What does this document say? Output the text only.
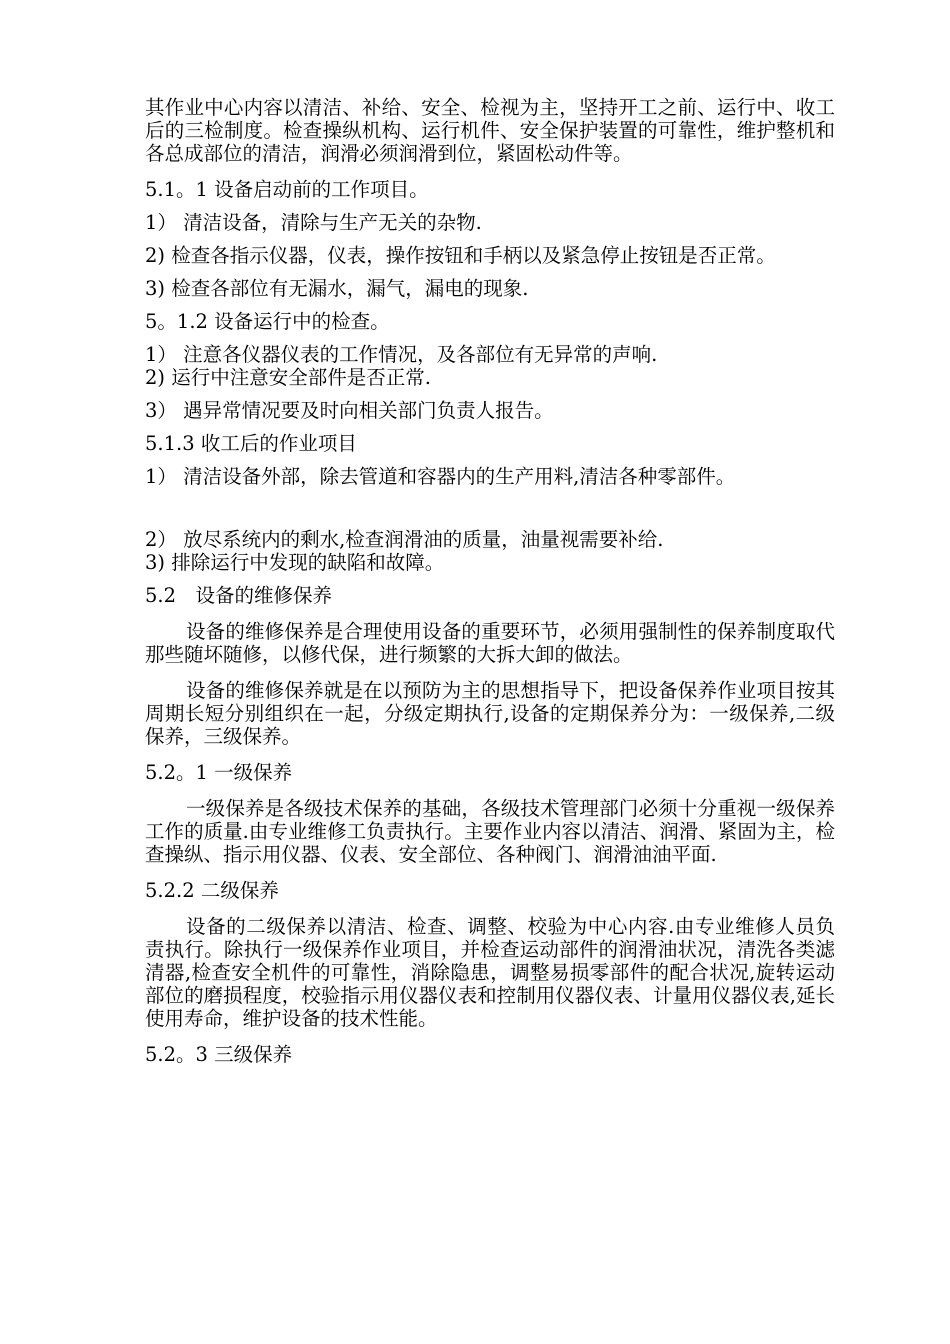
其作业中心内容以清洁、补给、安全、检视为主，坚持开工之前、运行中、收工后的三检制度。检查操纵机构、运行机件、安全保护装置的可靠性，维护整机和各总成部位的清洁，润滑必须润滑到位，紧固松动件等。

5.1。1 设备启动前的工作项目。

1） 清洁设备，清除与生产无关的杂物.

2) 检查各指示仪器，仪表，操作按钮和手柄以及紧急停止按钮是否正常。

3) 检查各部位有无漏水，漏气，漏电的现象.

5。1.2 设备运行中的检查。

1） 注意各仪器仪表的工作情况，及各部位有无异常的声响.

2) 运行中注意安全部件是否正常.

3） 遇异常情况要及时向相关部门负责人报告。

5.1.3 收工后的作业项目

1） 清洁设备外部，除去管道和容器内的生产用料,清洁各种零部件。

2） 放尽系统内的剩水,检查润滑油的质量，油量视需要补给.

3) 排除运行中发现的缺陷和故障。

5.2　设备的维修保养

设备的维修保养是合理使用设备的重要环节，必须用强制性的保养制度取代那些随坏随修，以修代保，进行频繁的大拆大卸的做法。

设备的维修保养就是在以预防为主的思想指导下，把设备保养作业项目按其周期长短分别组织在一起，分级定期执行,设备的定期保养分为：一级保养,二级保养，三级保养。

5.2。1 一级保养

一级保养是各级技术保养的基础，各级技术管理部门必须十分重视一级保养工作的质量.由专业维修工负责执行。主要作业内容以清洁、润滑、紧固为主，检查操纵、指示用仪器、仪表、安全部位、各种阀门、润滑油油平面.

5.2.2 二级保养

设备的二级保养以清洁、检查、调整、校验为中心内容.由专业维修人员负责执行。除执行一级保养作业项目，并检查运动部件的润滑油状况，清洗各类滤清器,检查安全机件的可靠性，消除隐患，调整易损零部件的配合状况,旋转运动部位的磨损程度，校验指示用仪器仪表和控制用仪器仪表、计量用仪器仪表,延长使用寿命，维护设备的技术性能。

5.2。3 三级保养
